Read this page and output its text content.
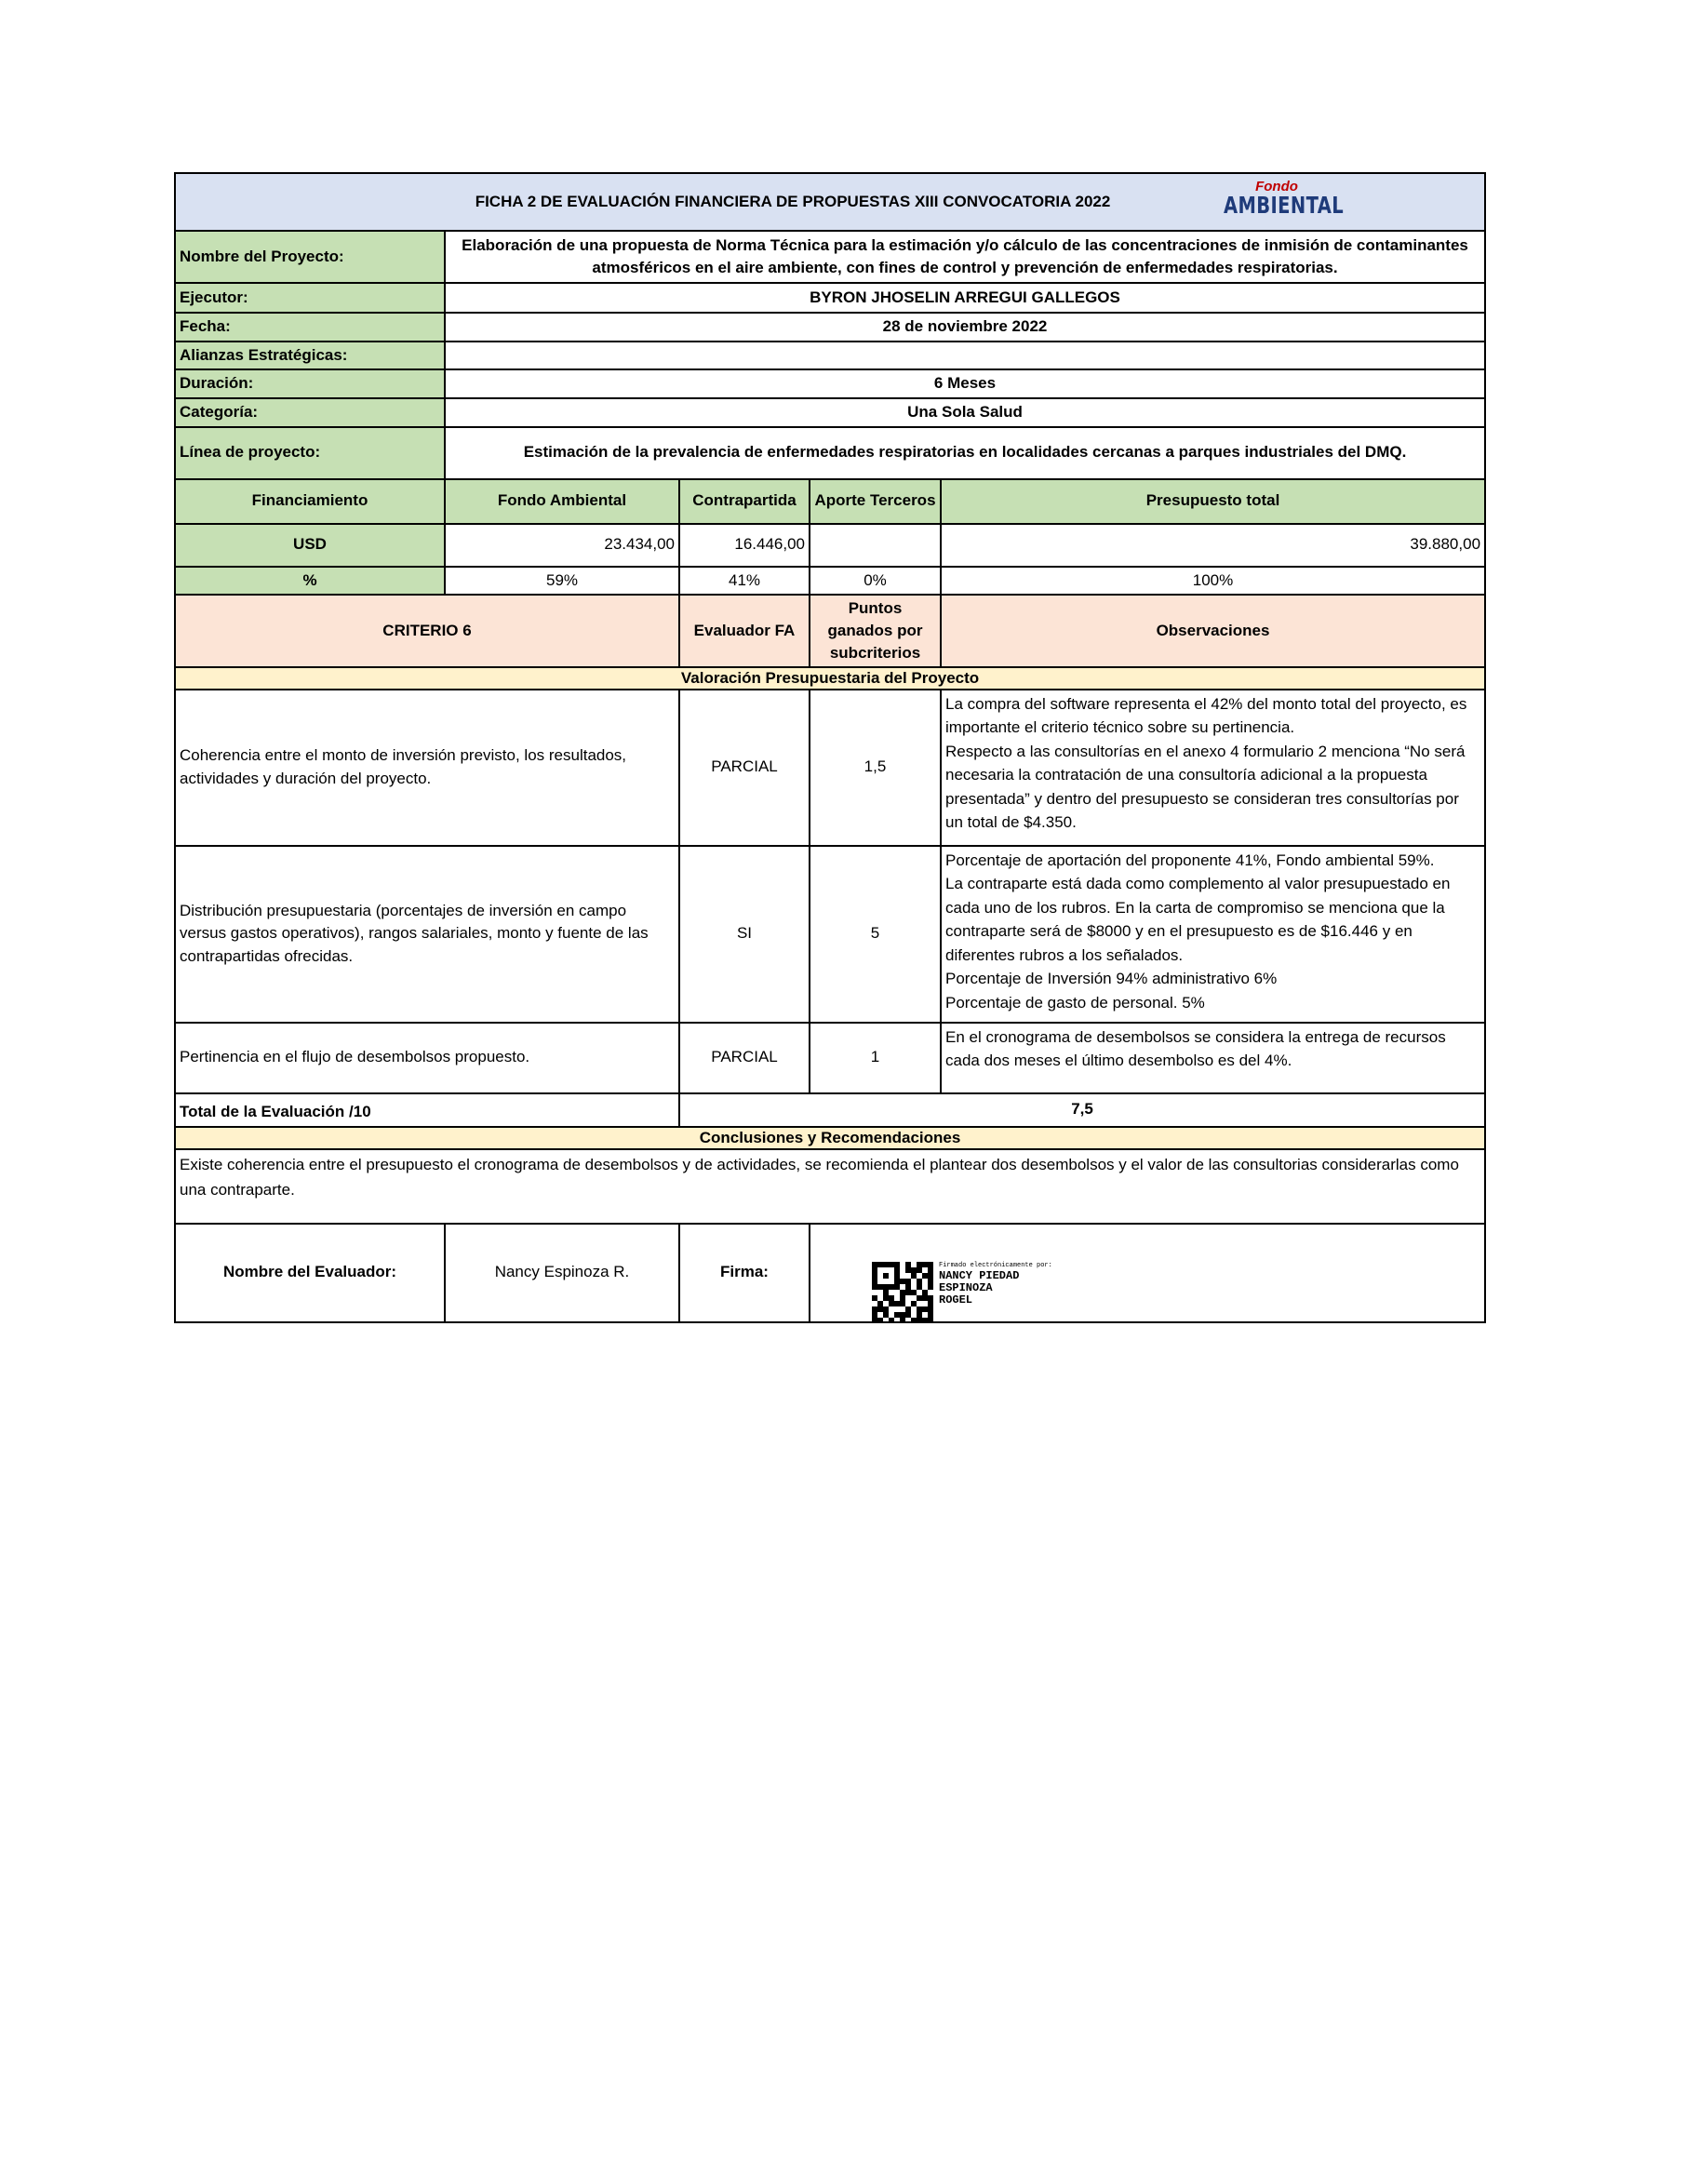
FICHA 2 DE EVALUACIÓN FINANCIERA DE PROPUESTAS XIII CONVOCATORIA 2022
Fondo
AMBIENTAL				

Nombre del Proyecto:	Elaboración de una propuesta de Norma Técnica para la estimación y/o cálculo de las concentraciones de inmisión de contaminantes atmosféricos en el aire ambiente, con fines de control y prevención de enfermedades respiratorias.			
Ejecutor:	BYRON JHOSELIN ARREGUI GALLEGOS			
Fecha:	28 de noviembre 2022			
Alianzas Estratégicas:				
Duración:	6 Meses			
Categoría:	Una Sola Salud			
Línea de proyecto:	Estimación de la prevalencia de enfermedades respiratorias en localidades cercanas a parques industriales del DMQ.			
Financiamiento	Fondo Ambiental	Contrapartida	Aporte Terceros	Presupuesto total
USD	23.434,00	16.446,00		39.880,00
%	59%	41%	0%	100%
CRITERIO 6		Evaluador FA	Puntos ganados por subcriterios	Observaciones
Valoración Presupuestaria del Proyecto				
Coherencia entre el monto de inversión previsto, los resultados, actividades y duración del proyecto.		PARCIAL	1,5	La compra del software representa el 42% del monto total del proyecto, es importante el criterio técnico sobre su pertinencia.
Respecto a las consultorías en el anexo 4 formulario 2 menciona “No será necesaria la contratación de una consultoría adicional a la propuesta presentada” y dentro del presupuesto se consideran tres consultorías por un total de $4.350.

Distribución presupuestaria (porcentajes de inversión en campo versus gastos operativos), rangos salariales, monto y fuente de las contrapartidas ofrecidas.		SI	5	Porcentaje de aportación del proponente 41%, Fondo ambiental 59%.
La contraparte está dada como complemento al valor presupuestado en cada uno de los rubros. En la carta de compromiso se menciona que la contraparte será de $8000 y en el presupuesto es de $16.446 y en diferentes rubros a los señalados.
Porcentaje de Inversión 94% administrativo 6%
Porcentaje de gasto de personal. 5%

Pertinencia en el flujo de desembolsos propuesto.		PARCIAL	1	En el cronograma de desembolsos se considera la entrega de recursos cada dos meses el último desembolso es del 4%.

Total de la Evaluación /10		7,5		
Conclusiones y Recomendaciones				
Existe coherencia entre el presupuesto el cronograma de desembolsos y de actividades, se recomienda el plantear dos desembolsos y el valor de las consultorias considerarlas como una contraparte.				
Nombre del Evaluador:	Nancy Espinoza R.	Firma:	Firmado electrónicamente por:
NANCY PIEDAD
ESPINOZA
ROGEL	
